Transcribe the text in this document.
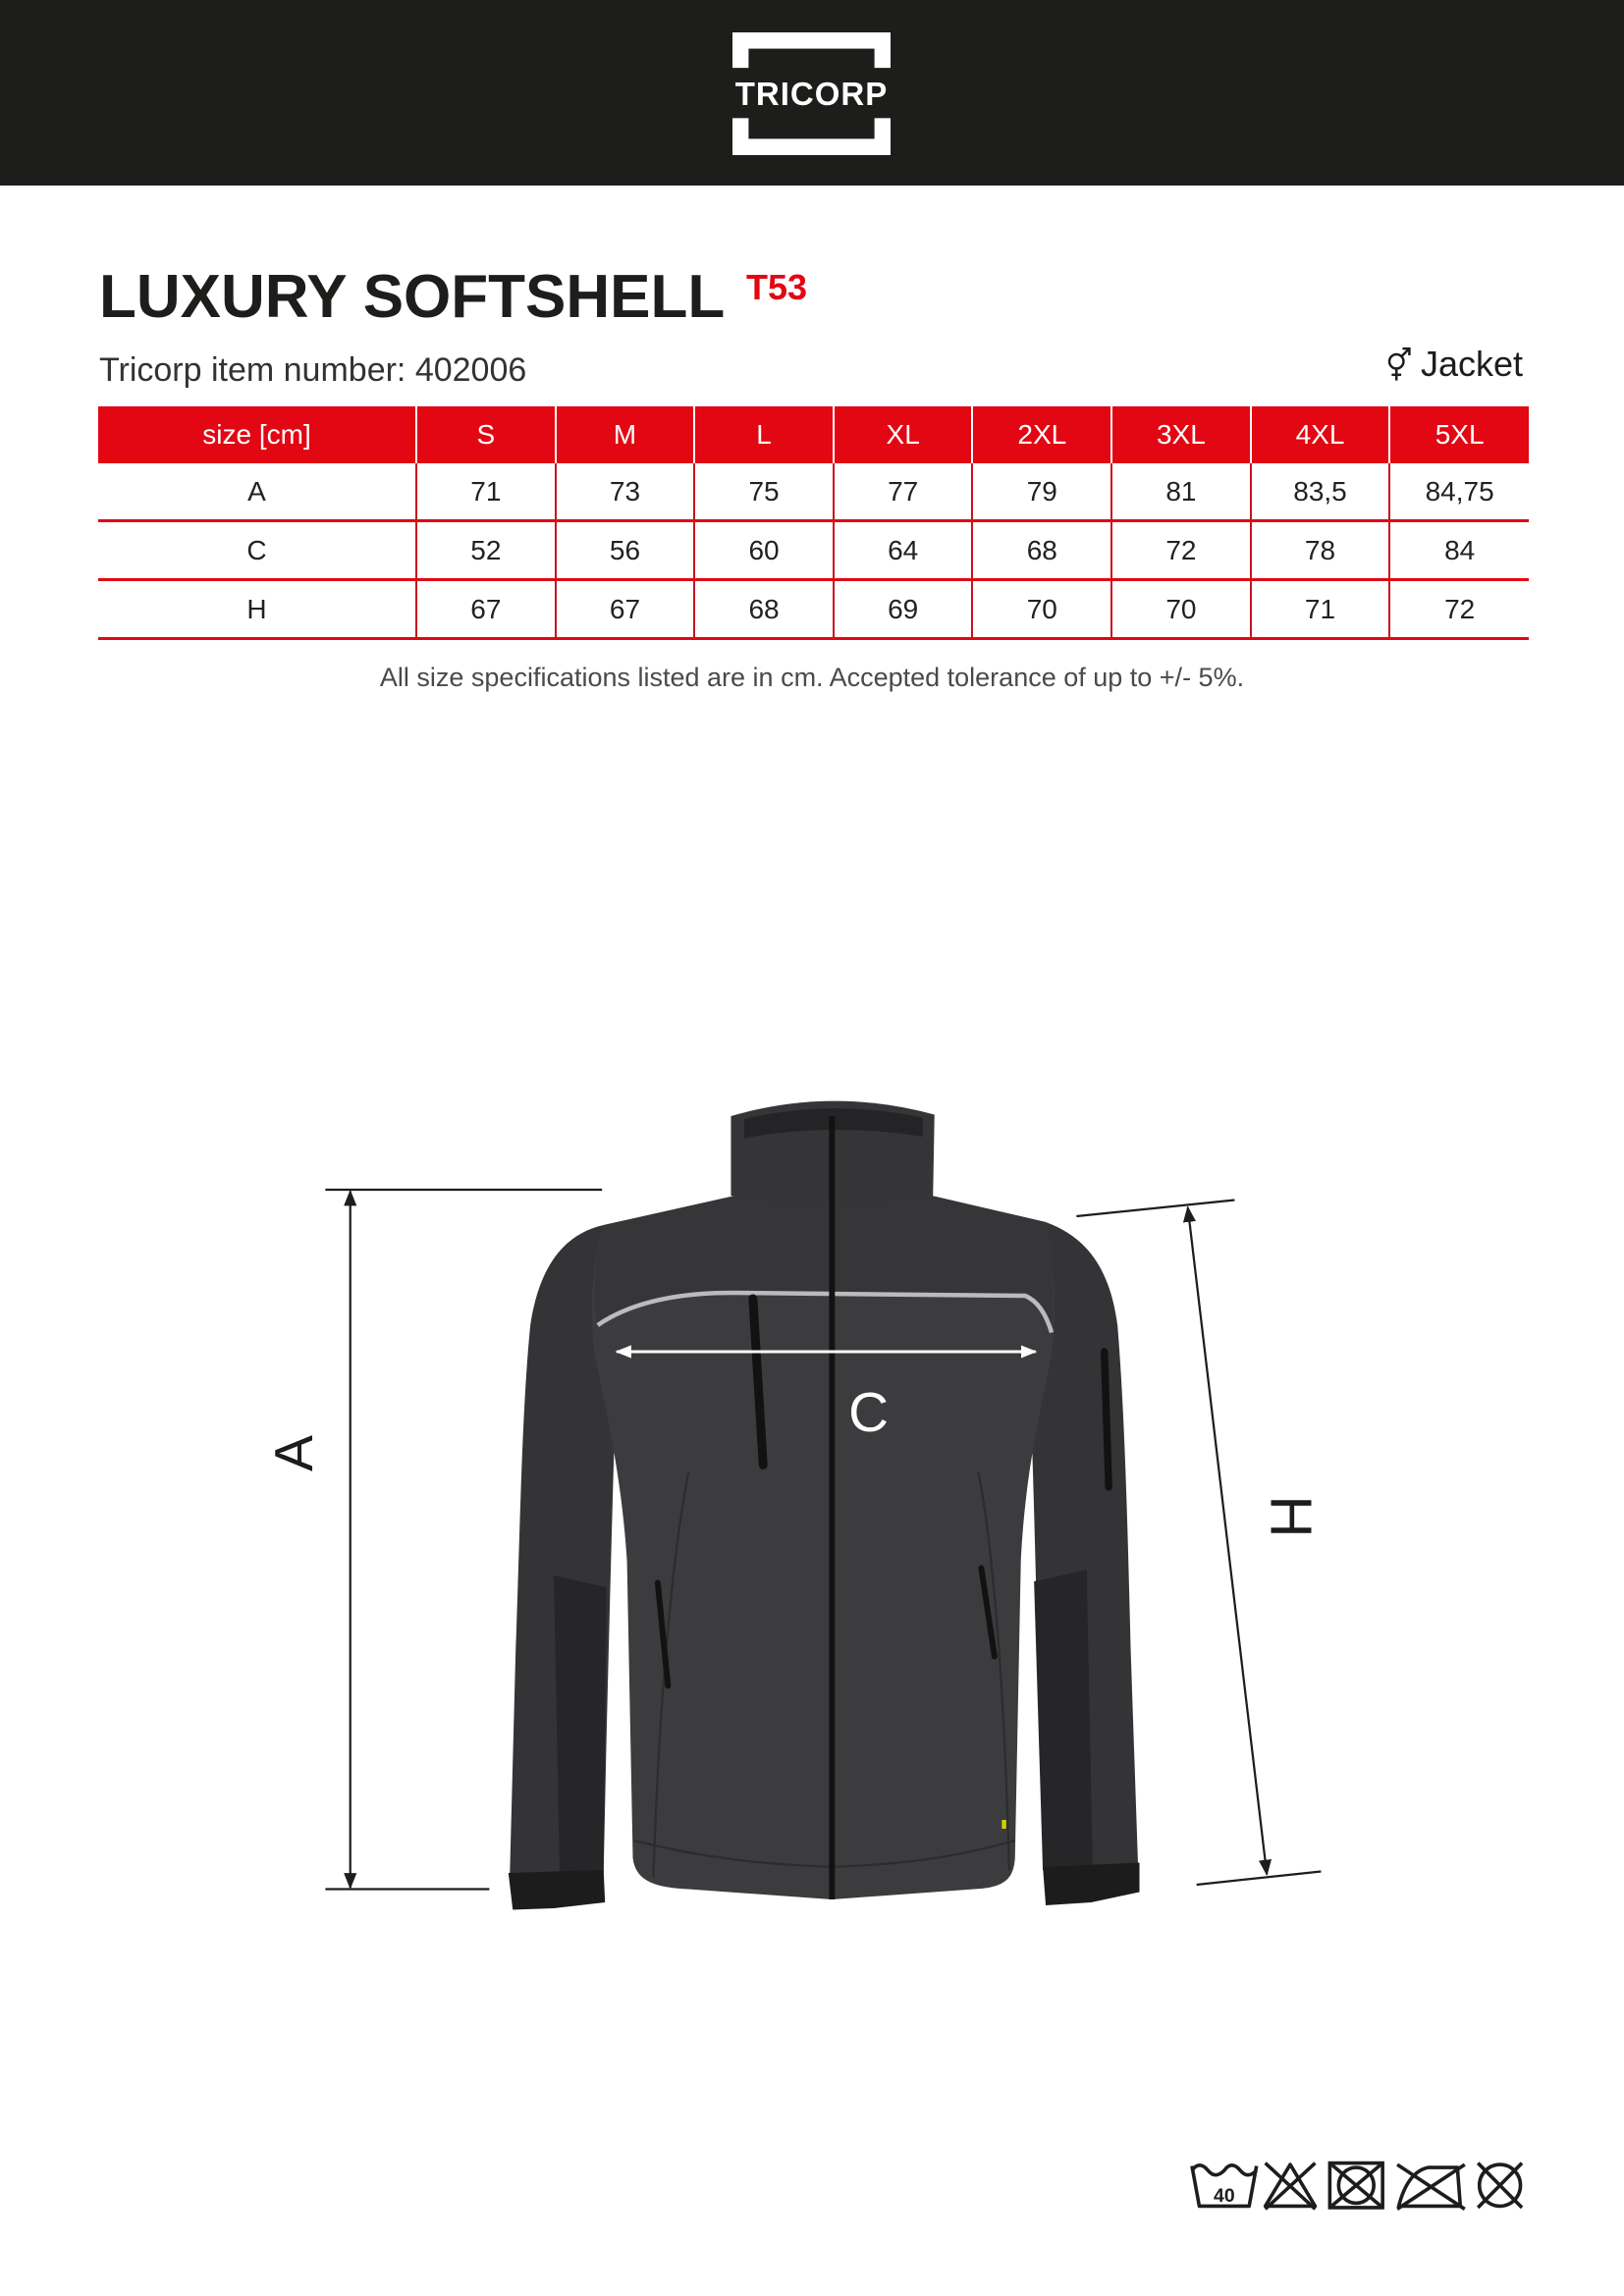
TRICORP
LUXURY SOFTSHELL T53
Tricorp item number: 402006	Jacket
size [cm]	S	M	L	XL	2XL	3XL	4XL	5XL
A	71	73	75	77	79	81	83,5	84,75
C	52	56	60	64	68	72	78	84
H	67	67	68	69	70	70	71	72
All size specifications listed are in cm. Accepted tolerance of up to +/- 5%.
A
C
H
40
